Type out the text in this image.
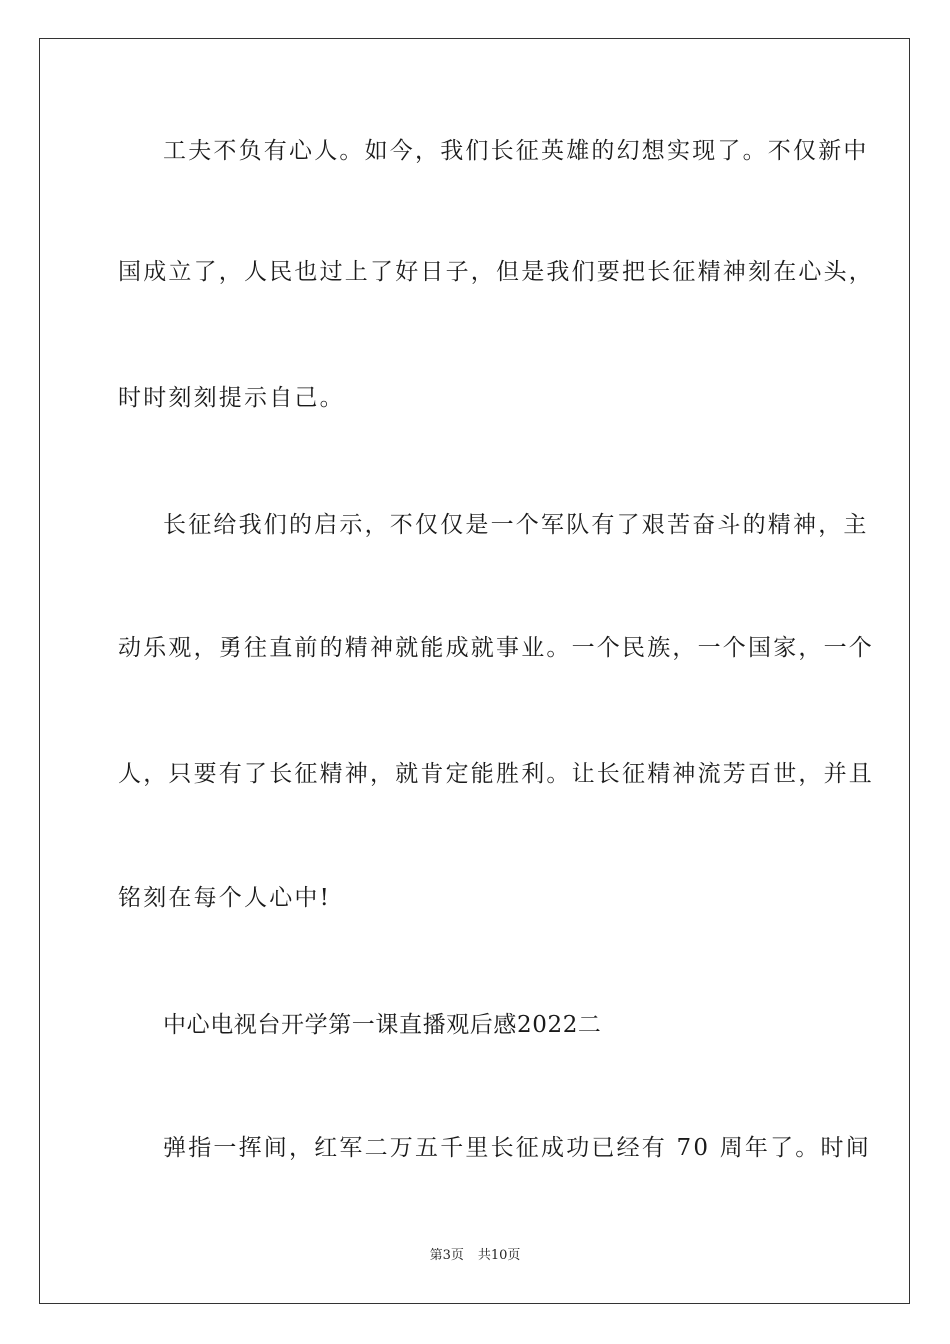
工夫不负有心人。如今，我们长征英雄的幻想实现了。不仅新中
国成立了，人民也过上了好日子，但是我们要把长征精神刻在心头，
时时刻刻提示自己。
长征给我们的启示，不仅仅是一个军队有了艰苦奋斗的精神，主
动乐观，勇往直前的精神就能成就事业。一个民族，一个国家，一个
人，只要有了长征精神，就肯定能胜利。让长征精神流芳百世，并且
铭刻在每个人心中!
中心电视台开学第一课直播观后感2022二
弹指一挥间，红军二万五千里长征成功已经有 70 周年了。时间
第3页 共10页
